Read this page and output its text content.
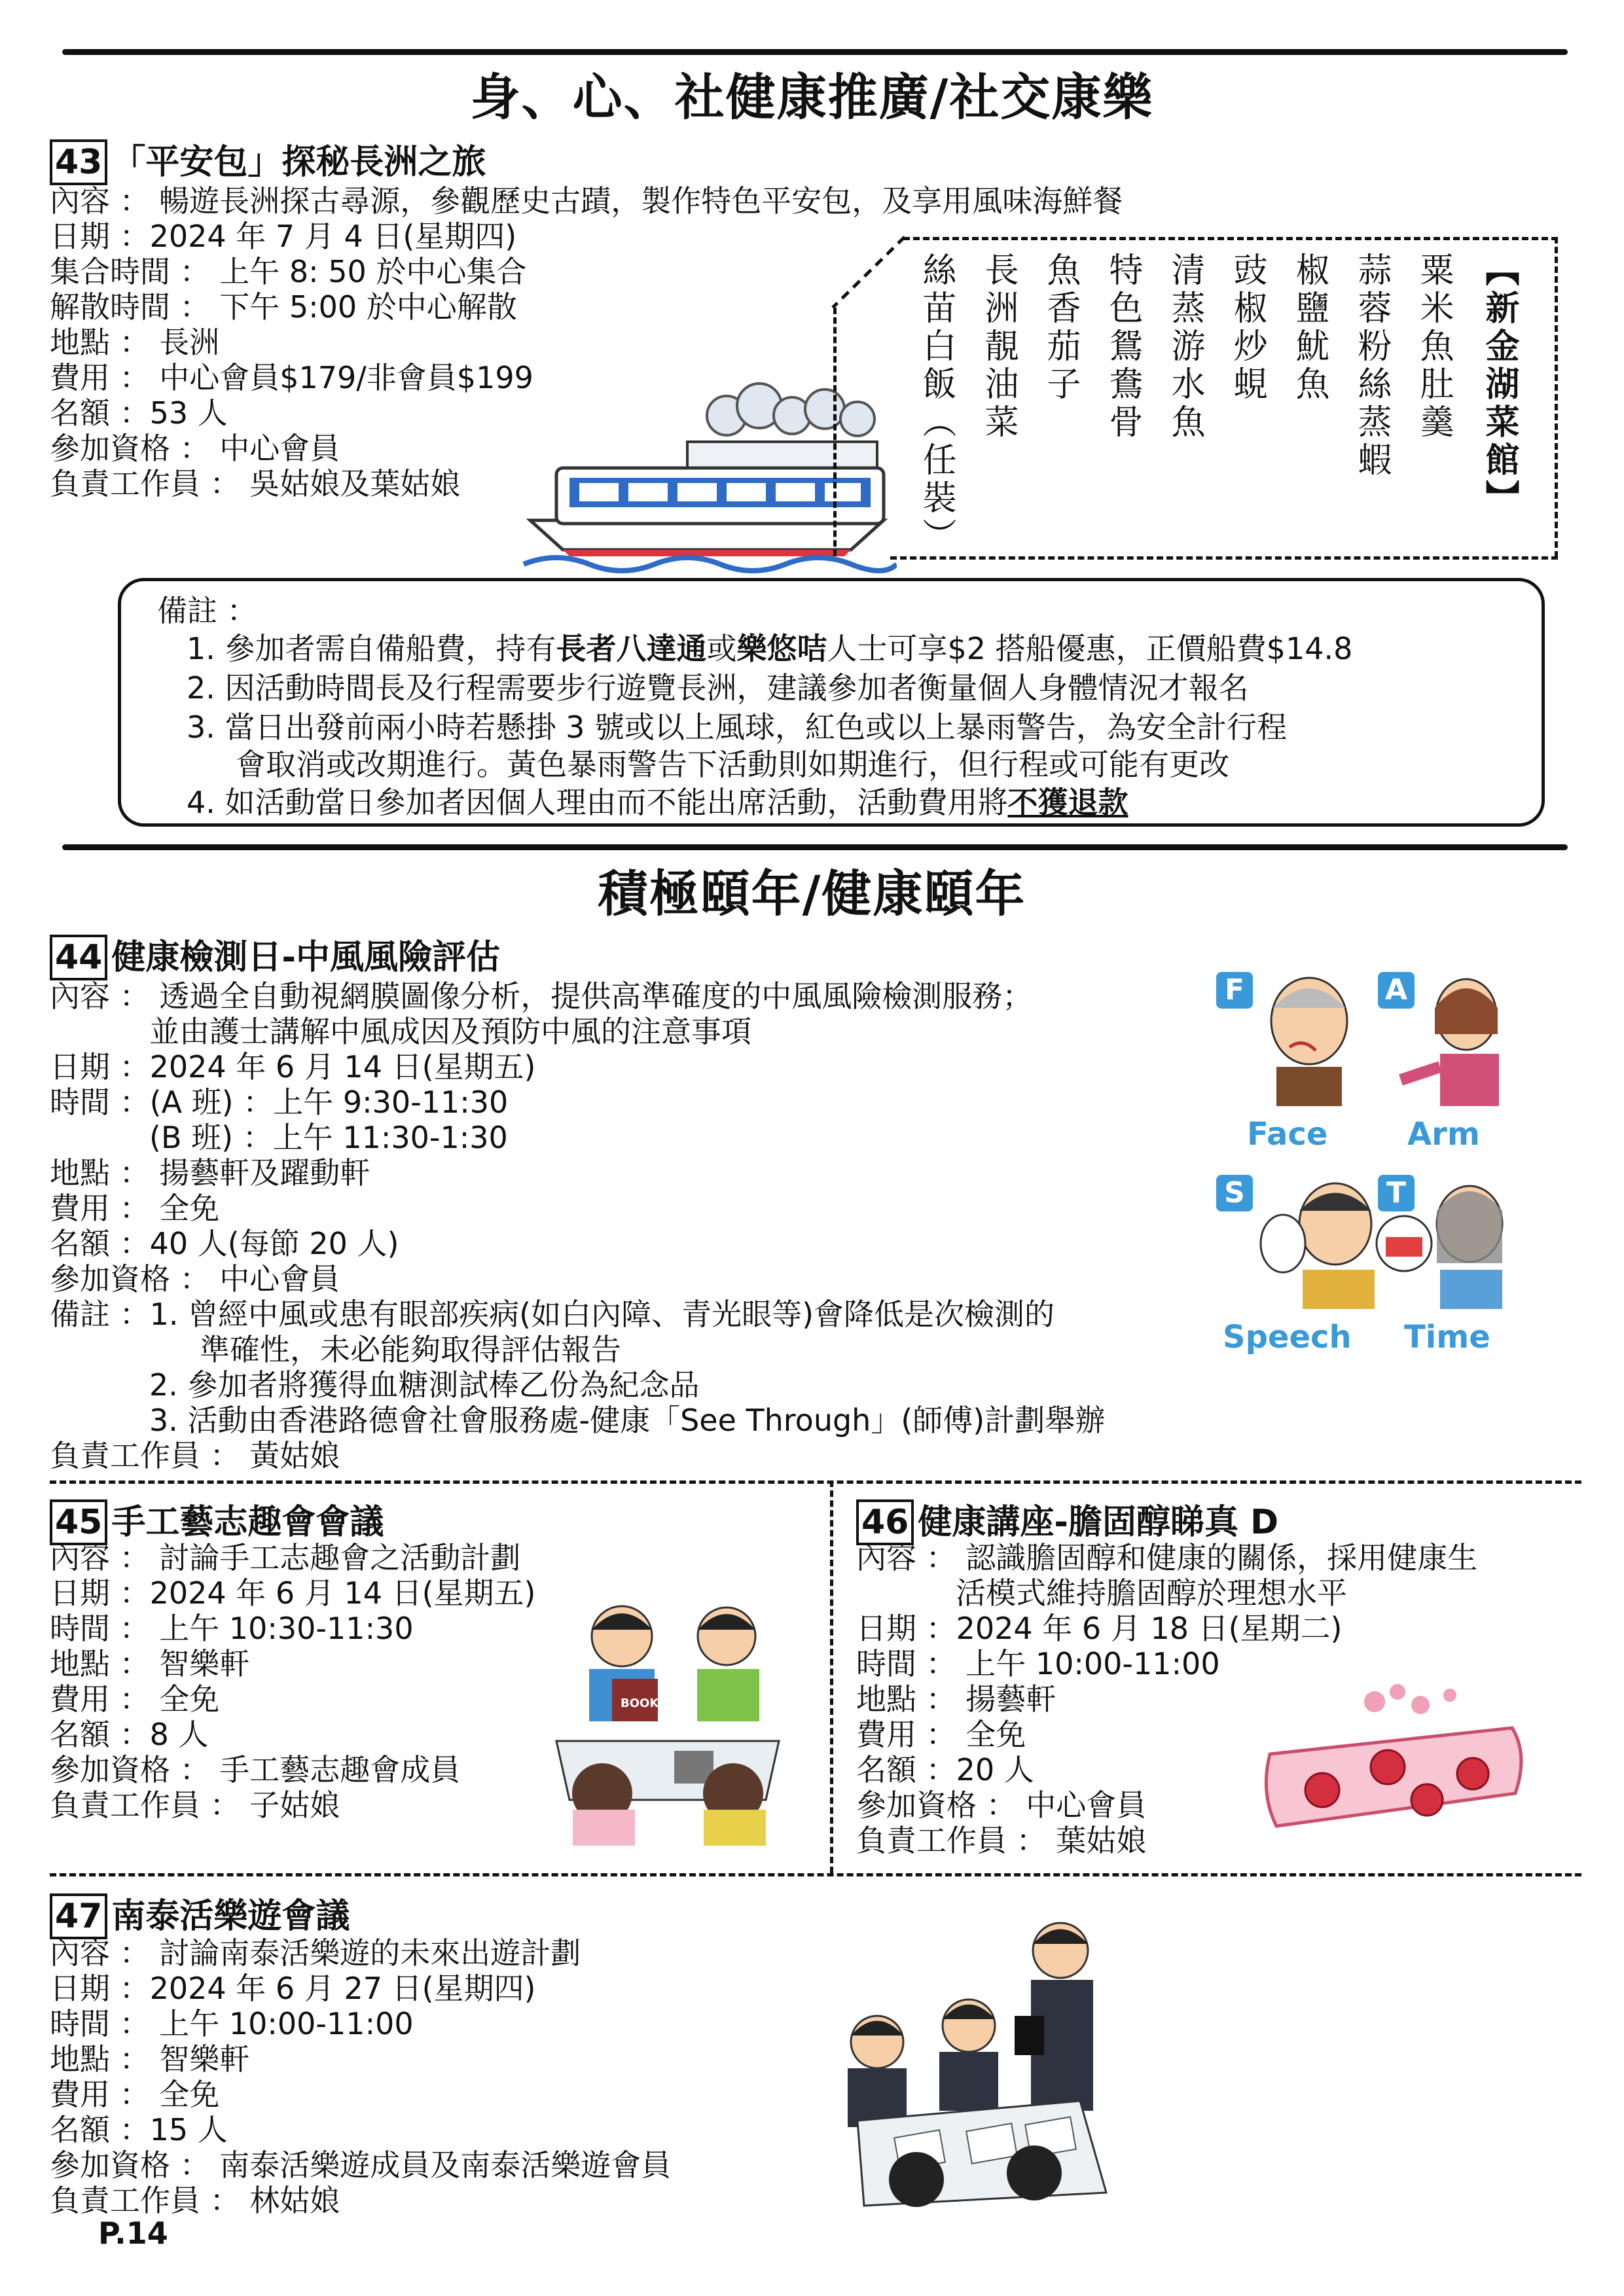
身、心、社健康推廣/社交康樂
43 「平安包」探秘長洲之旅
內容 ： 暢遊長洲探古尋源，參觀歷史古蹟，製作特色平安包，及享用風味海鮮餐
日期 ：2024 年 7 月 4 日(星期四)
集合時間 ： 上午 8: 50 於中心集合
解散時間 ： 下午 5:00 於中心解散
地點 ： 長洲
費用 ： 中心會員$179/非會員$199
名額 ：53 人
參加資格 ： 中心會員
負責工作員 ： 吳姑娘及葉姑娘	【新金湖菜館】
粟米魚肚羹
蒜蓉粉絲蒸蝦
椒鹽魷魚
豉椒炒蜆
清蒸游水魚
特色鴛鴦骨
魚香茄子
長洲靚油菜
絲苗白飯（任裝）
備註 ：
1. 參加者需自備船費，持有長者八達通或樂悠咭人士可享$2 搭船優惠，正價船費$14.8
2. 因活動時間長及行程需要步行遊覽長洲，建議參加者衡量個人身體情況才報名
3. 當日出發前兩小時若懸掛 3 號或以上風球，紅色或以上暴雨警告，為安全計行程
會取消或改期進行。黃色暴雨警告下活動則如期進行，但行程或可能有更改
4. 如活動當日參加者因個人理由而不能出席活動，活動費用將不獲退款
積極頤年/健康頤年
44 健康檢測日-中風風險評估
內容 ： 透過全自動視網膜圖像分析，提供高準確度的中風風險檢測服務；
並由護士講解中風成因及預防中風的注意事項
日期 ：2024 年 6 月 14 日(星期五)
時間 ：(A 班) ：上午 9:30-11:30
(B 班) ：上午 11:30-1:30
地點 ： 揚藝軒及躍動軒
費用 ： 全免
名額 ：40 人(每節 20 人)
參加資格 ： 中心會員
備註 ：1. 曾經中風或患有眼部疾病(如白內障、青光眼等)會降低是次檢測的
準確性，未必能夠取得評估報告
2. 參加者將獲得血糖測試棒乙份為紀念品
3. 活動由香港路德會社會服務處-健康「See Through」(師傅)計劃舉辦
負責工作員 ： 黃姑娘
F	A
S	T
Face	Arm
Speech Time
45 手工藝志趣會會議
內容 ： 討論手工志趣會之活動計劃
日期 ：2024 年 6 月 14 日(星期五)
時間 ： 上午 10:30-11:30
地點 ： 智樂軒
費用 ： 全免
名額 ：8 人
參加資格 ： 手工藝志趣會成員
負責工作員 ： 子姑娘
BOOK
46 健康講座-膽固醇睇真 D
內容 ： 認識膽固醇和健康的關係，採用健康生
活模式維持膽固醇於理想水平
日期 ：2024 年 6 月 18 日(星期二)
時間 ： 上午 10:00-11:00
地點 ： 揚藝軒
費用 ： 全免
名額 ：20 人
參加資格 ： 中心會員
負責工作員 ： 葉姑娘
47 南泰活樂遊會議
內容 ： 討論南泰活樂遊的未來出遊計劃
日期 ：2024 年 6 月 27 日(星期四)
時間 ： 上午 10:00-11:00
地點 ： 智樂軒
費用 ： 全免
名額 ：15 人
參加資格 ： 南泰活樂遊成員及南泰活樂遊會員
負責工作員 ： 林姑娘
P.14
